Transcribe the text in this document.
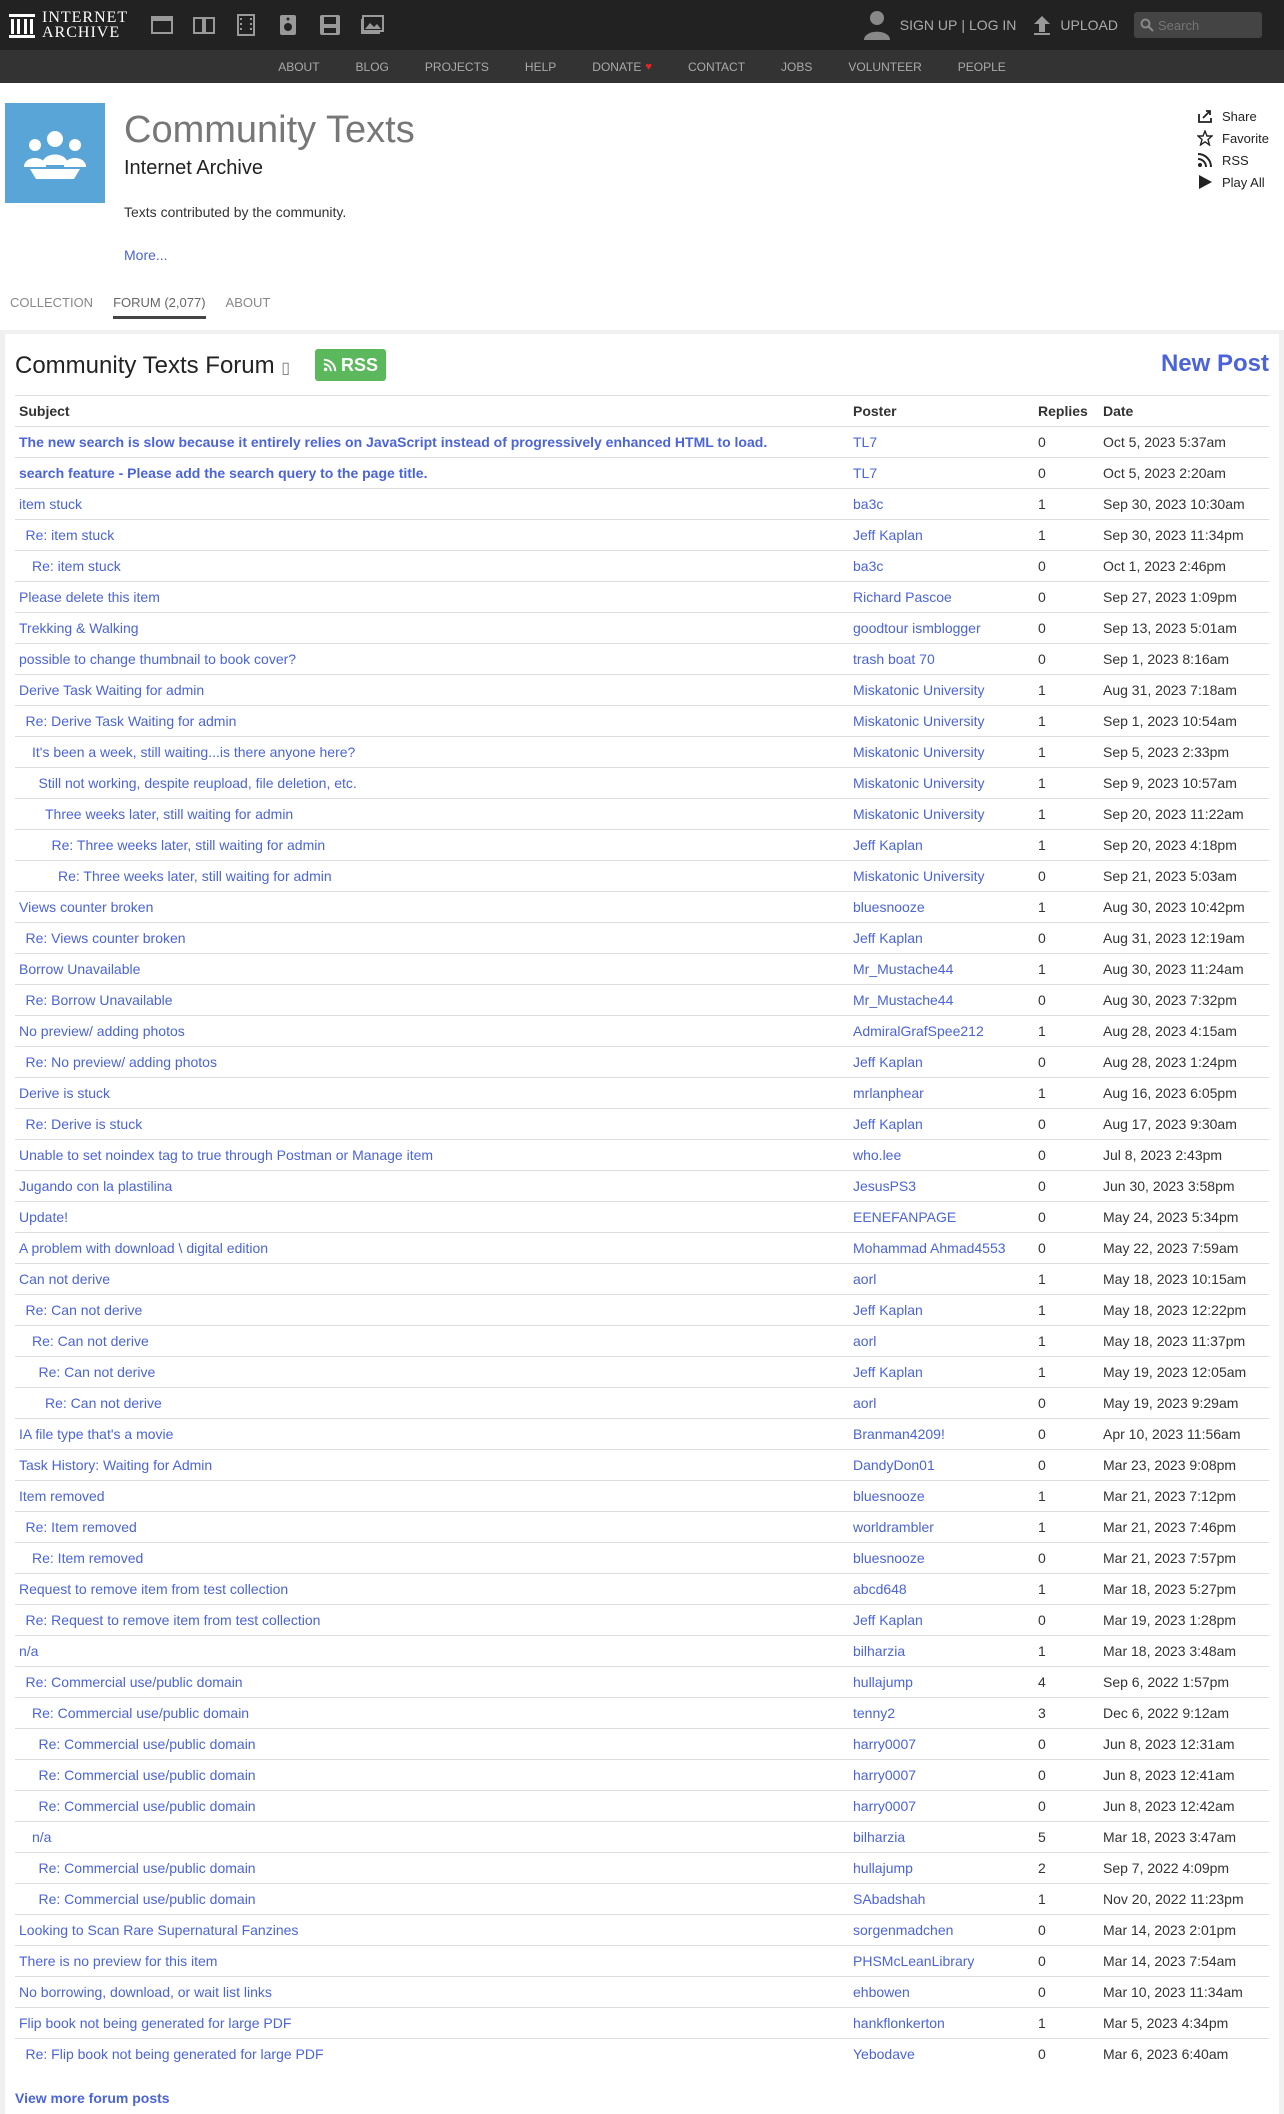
INTERNET
ARCHIVE	SIGN UP | LOG IN	UPLOAD
Search
ABOUT	BLOG	PROJECTS	HELP	DONATE ♥	CONTACT	JOBS	VOLUNTEER	PEOPLE
Community Texts
Internet Archive
Texts contributed by the community.
More...
Share
Favorite
RSS
Play All
COLLECTION FORUM (2,077) ABOUT
Community Texts Forum ▯	RSS	New Post
Subject	Poster	Replies	Date
The new search is slow because it entirely relies on JavaScript instead of progressively enhanced HTML to load.	TL7	0	Oct 5, 2023 5:37am
search feature - Please add the search query to the page title.	TL7	0	Oct 5, 2023 2:20am
item stuck	ba3c	1	Sep 30, 2023 10:30am
Re: item stuck	Jeff Kaplan	1	Sep 30, 2023 11:34pm
Re: item stuck	ba3c	0	Oct 1, 2023 2:46pm
Please delete this item	Richard Pascoe	0	Sep 27, 2023 1:09pm
Trekking & Walking	goodtour ismblogger	0	Sep 13, 2023 5:01am
possible to change thumbnail to book cover?	trash boat 70	0	Sep 1, 2023 8:16am
Derive Task Waiting for admin	Miskatonic University	1	Aug 31, 2023 7:18am
Re: Derive Task Waiting for admin	Miskatonic University	1	Sep 1, 2023 10:54am
It's been a week, still waiting...is there anyone here?	Miskatonic University	1	Sep 5, 2023 2:33pm
Still not working, despite reupload, file deletion, etc.	Miskatonic University	1	Sep 9, 2023 10:57am
Three weeks later, still waiting for admin	Miskatonic University	1	Sep 20, 2023 11:22am
Re: Three weeks later, still waiting for admin	Jeff Kaplan	1	Sep 20, 2023 4:18pm
Re: Three weeks later, still waiting for admin	Miskatonic University	0	Sep 21, 2023 5:03am
Views counter broken	bluesnooze	1	Aug 30, 2023 10:42pm
Re: Views counter broken	Jeff Kaplan	0	Aug 31, 2023 12:19am
Borrow Unavailable	Mr_Mustache44	1	Aug 30, 2023 11:24am
Re: Borrow Unavailable	Mr_Mustache44	0	Aug 30, 2023 7:32pm
No preview/ adding photos	AdmiralGrafSpee212	1	Aug 28, 2023 4:15am
Re: No preview/ adding photos	Jeff Kaplan	0	Aug 28, 2023 1:24pm
Derive is stuck	mrlanphear	1	Aug 16, 2023 6:05pm
Re: Derive is stuck	Jeff Kaplan	0	Aug 17, 2023 9:30am
Unable to set noindex tag to true through Postman or Manage item	who.lee	0	Jul 8, 2023 2:43pm
Jugando con la plastilina	JesusPS3	0	Jun 30, 2023 3:58pm
Update!	EENEFANPAGE	0	May 24, 2023 5:34pm
A problem with download \ digital edition	Mohammad Ahmad4553	0	May 22, 2023 7:59am
Can not derive	aorl	1	May 18, 2023 10:15am
Re: Can not derive	Jeff Kaplan	1	May 18, 2023 12:22pm
Re: Can not derive	aorl	1	May 18, 2023 11:37pm
Re: Can not derive	Jeff Kaplan	1	May 19, 2023 12:05am
Re: Can not derive	aorl	0	May 19, 2023 9:29am
IA file type that's a movie	Branman4209!	0	Apr 10, 2023 11:56am
Task History: Waiting for Admin	DandyDon01	0	Mar 23, 2023 9:08pm
Item removed	bluesnooze	1	Mar 21, 2023 7:12pm
Re: Item removed	worldrambler	1	Mar 21, 2023 7:46pm
Re: Item removed	bluesnooze	0	Mar 21, 2023 7:57pm
Request to remove item from test collection	abcd648	1	Mar 18, 2023 5:27pm
Re: Request to remove item from test collection	Jeff Kaplan	0	Mar 19, 2023 1:28pm
n/a	bilharzia	1	Mar 18, 2023 3:48am
Re: Commercial use/public domain	hullajump	4	Sep 6, 2022 1:57pm
Re: Commercial use/public domain	tenny2	3	Dec 6, 2022 9:12am
Re: Commercial use/public domain	harry0007	0	Jun 8, 2023 12:31am
Re: Commercial use/public domain	harry0007	0	Jun 8, 2023 12:41am
Re: Commercial use/public domain	harry0007	0	Jun 8, 2023 12:42am
n/a	bilharzia	5	Mar 18, 2023 3:47am
Re: Commercial use/public domain	hullajump	2	Sep 7, 2022 4:09pm
Re: Commercial use/public domain	SAbadshah	1	Nov 20, 2022 11:23pm
Looking to Scan Rare Supernatural Fanzines	sorgenmadchen	0	Mar 14, 2023 2:01pm
There is no preview for this item	PHSMcLeanLibrary	0	Mar 14, 2023 7:54am
No borrowing, download, or wait list links	ehbowen	0	Mar 10, 2023 11:34am
Flip book not being generated for large PDF	hankflonkerton	1	Mar 5, 2023 4:34pm
Re: Flip book not being generated for large PDF	Yebodave	0	Mar 6, 2023 6:40am
View more forum posts
